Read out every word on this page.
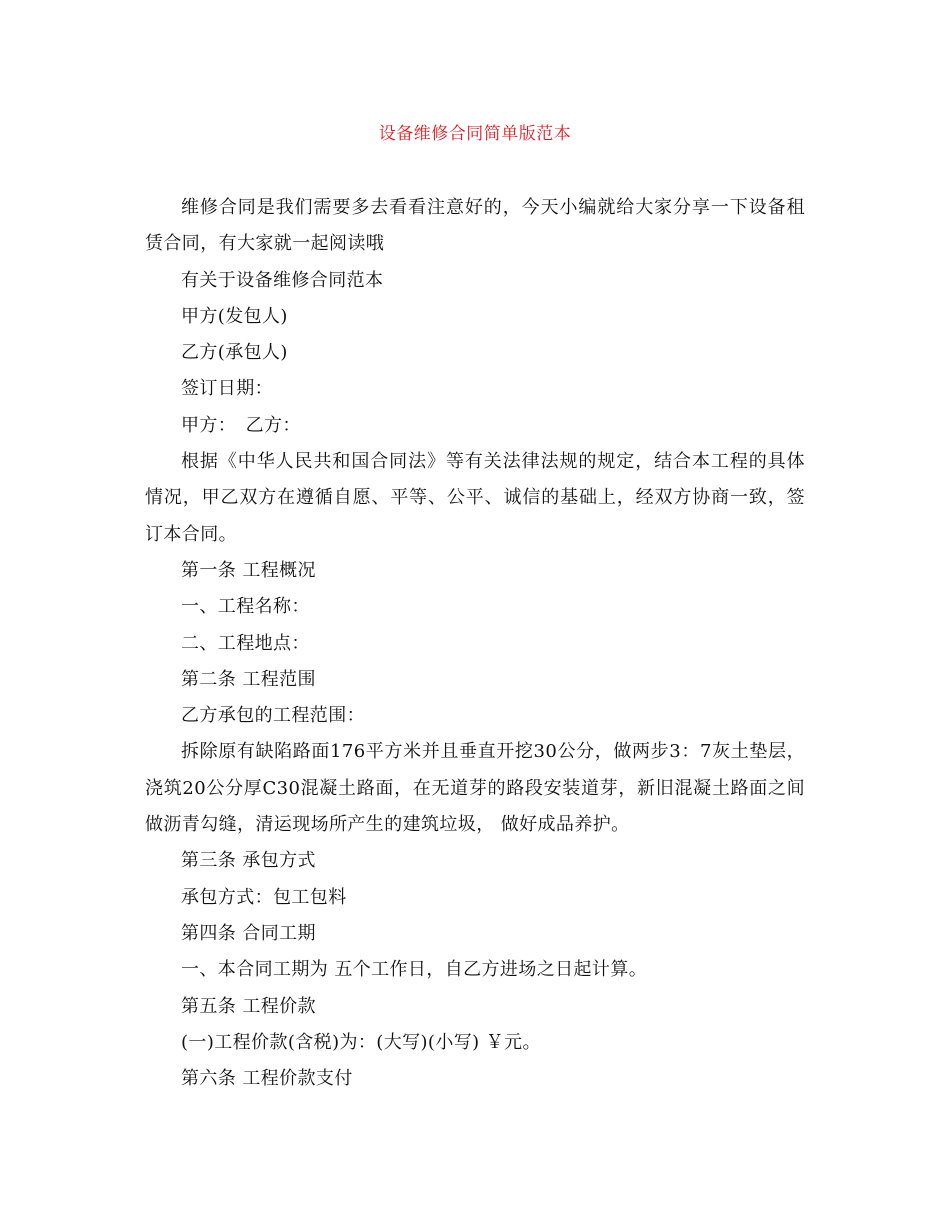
设备维修合同简单版范本

维修合同是我们需要多去看看注意好的，今天小编就给大家分享一下设备租赁合同，有大家就一起阅读哦

有关于设备维修合同范本

甲方(发包人)

乙方(承包人)

签订日期：

甲方：　乙方：

根据《中华人民共和国合同法》等有关法律法规的规定，结合本工程的具体情况，甲乙双方在遵循自愿、平等、公平、诚信的基础上，经双方协商一致，签订本合同。

第一条 工程概况

一、工程名称：

二、工程地点：

第二条 工程范围

乙方承包的工程范围：

拆除原有缺陷路面176平方米并且垂直开挖30公分，做两步3：7灰土垫层，浇筑20公分厚C30混凝土路面，在无道芽的路段安装道芽，新旧混凝土路面之间做沥青勾缝，清运现场所产生的建筑垃圾， 做好成品养护。

第三条 承包方式

承包方式：包工包料

第四条 合同工期

一、本合同工期为 五个工作日，自乙方进场之日起计算。

第五条 工程价款

(一)工程价款(含税)为：(大写)(小写) ￥元。

第六条 工程价款支付
